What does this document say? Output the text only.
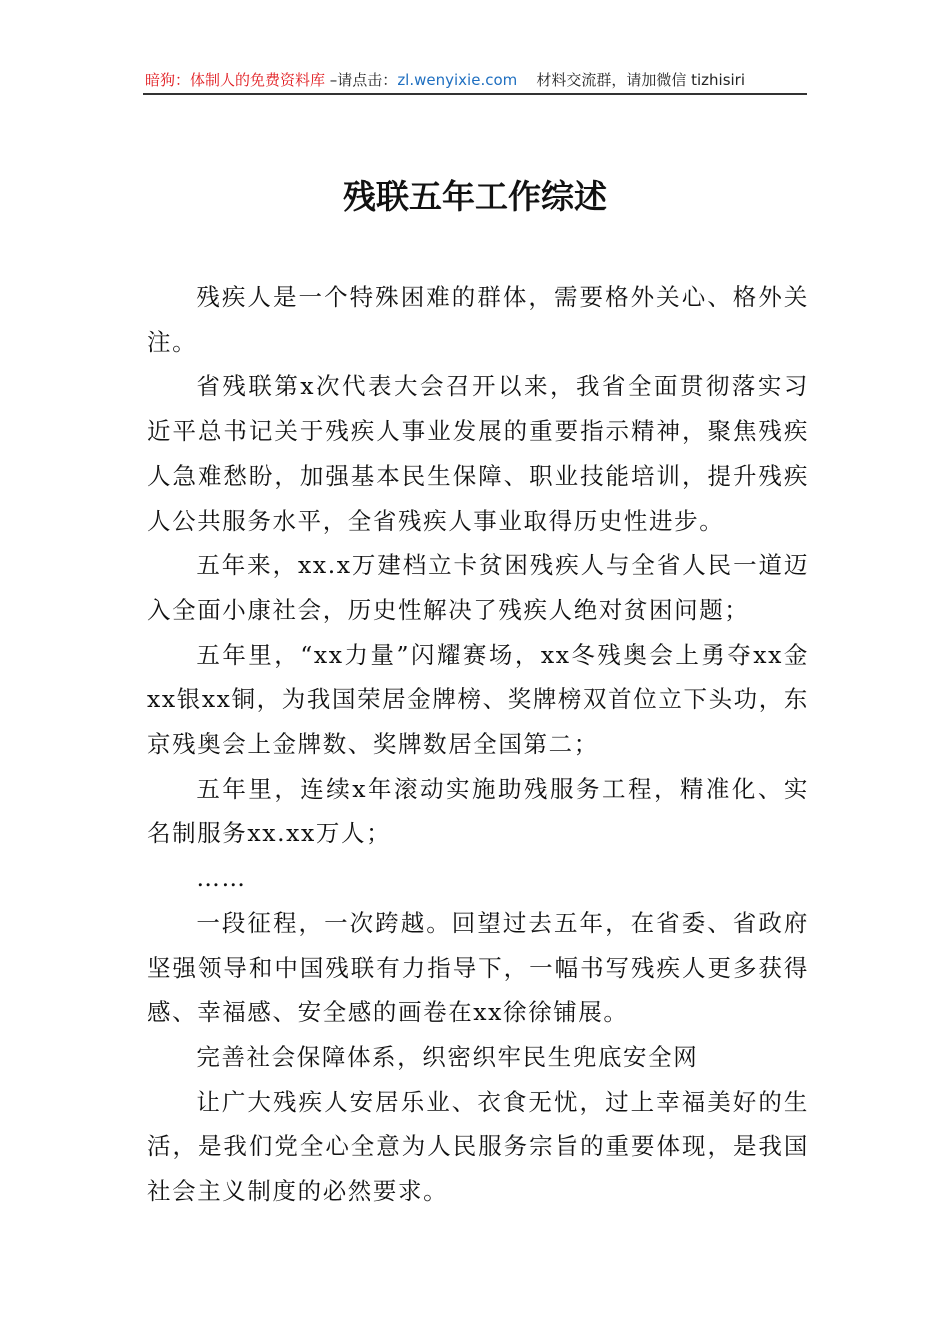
暗狗：体制人的免费资料库 –请点击：zl.wenyixie.com 材料交流群，请加微信 tizhisiri
残联五年工作综述

残疾人是一个特殊困难的群体，需要格外关心、格外关注。

省残联第x次代表大会召开以来，我省全面贯彻落实习近平总书记关于残疾人事业发展的重要指示精神，聚焦残疾人急难愁盼，加强基本民生保障、职业技能培训，提升残疾人公共服务水平，全省残疾人事业取得历史性进步。

五年来，xx.x万建档立卡贫困残疾人与全省人民一道迈入全面小康社会，历史性解决了残疾人绝对贫困问题；

五年里，“xx力量”闪耀赛场，xx冬残奥会上勇夺xx金xx银xx铜，为我国荣居金牌榜、奖牌榜双首位立下头功，东京残奥会上金牌数、奖牌数居全国第二；

五年里，连续x年滚动实施助残服务工程，精准化、实名制服务xx.xx万人；

……

一段征程，一次跨越。回望过去五年，在省委、省政府坚强领导和中国残联有力指导下，一幅书写残疾人更多获得感、幸福感、安全感的画卷在xx徐徐铺展。

完善社会保障体系，织密织牢民生兜底安全网

让广大残疾人安居乐业、衣食无忧，过上幸福美好的生活，是我们党全心全意为人民服务宗旨的重要体现，是我国社会主义制度的必然要求。
